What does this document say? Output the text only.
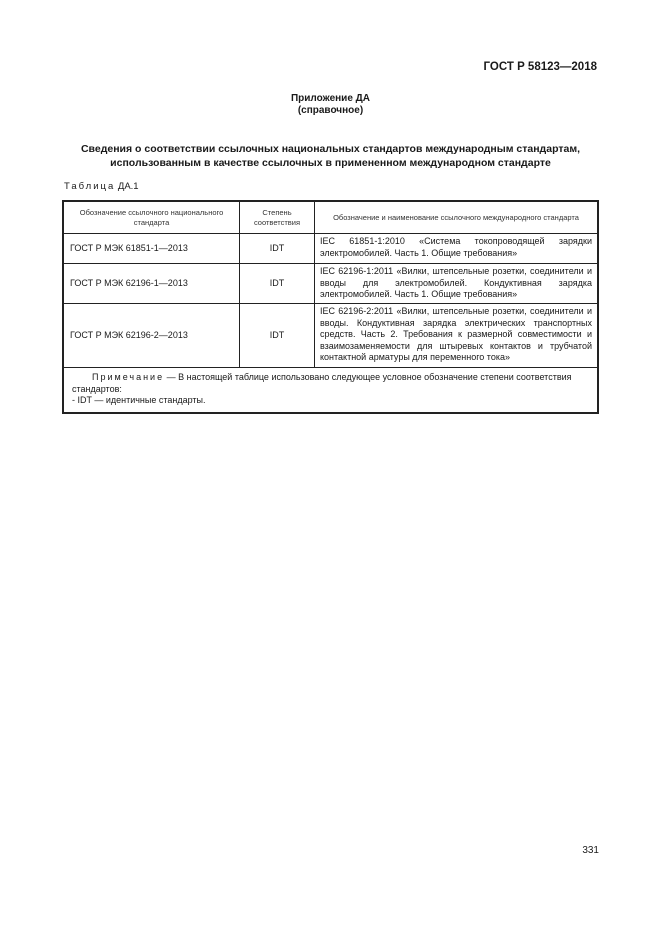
ГОСТ Р 58123—2018
Приложение ДА
(справочное)
Сведения о соответствии ссылочных национальных стандартов международным стандартам,
использованным в качестве ссылочных в примененном международном стандарте
Таблица ДА.1
Обозначение ссылочного национального стандарта	Степень соответствия	Обозначение и наименование ссылочного международного стандарта
ГОСТ Р МЭК 61851-1—2013	IDT	IEC 61851-1:2010 «Система токопроводящей зарядки электромобилей. Часть 1. Общие требования»
ГОСТ Р МЭК 62196-1—2013	IDT	IEC 62196-1:2011 «Вилки, штепсельные розетки, соединители и вводы для электромобилей. Кондуктивная зарядка электромобилей. Часть 1. Общие требования»
ГОСТ Р МЭК 62196-2—2013	IDT	IEC 62196-2:2011 «Вилки, штепсельные розетки, соединители и вводы. Кондуктивная зарядка электрических транспортных средств. Часть 2. Требования к размерной совместимости и взаимозаменяемости для штыревых контактов и трубчатой контактной арматуры для переменного тока»

Примечание — В настоящей таблице использовано следующее условное обозначение степени соответствия стандартов:
- IDT — идентичные стандарты.		
331
